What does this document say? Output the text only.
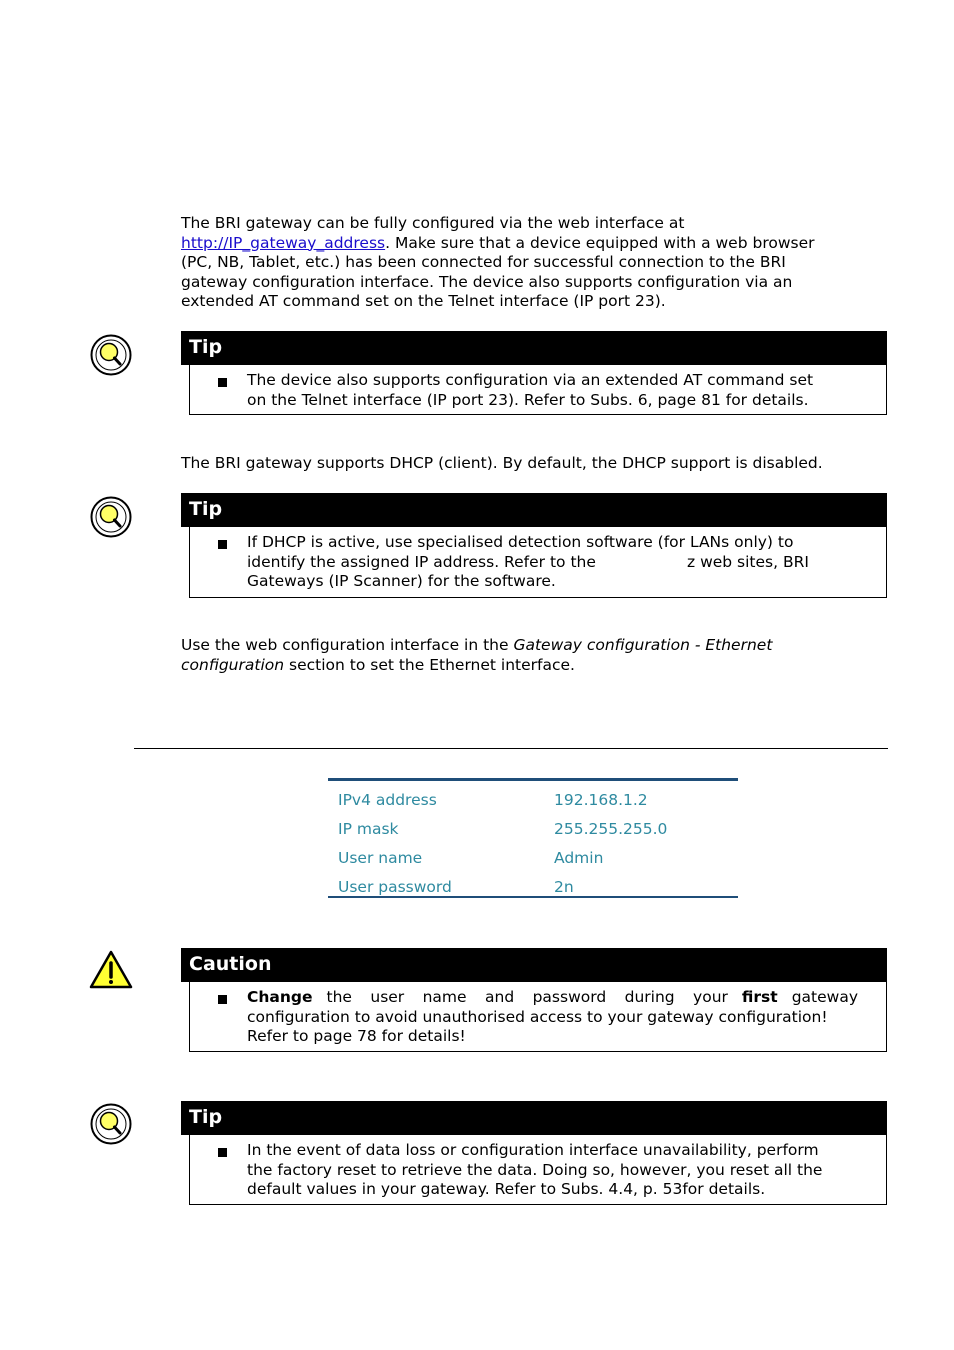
The BRI gateway can be fully configured via the web interface at
http://IP_gateway_address. Make sure that a device equipped with a web browser
(PC, NB, Tablet, etc.) has been connected for successful connection to the BRI
gateway configuration interface. The device also supports configuration via an
extended AT command set on the Telnet interface (IP port 23).
Tip
The device also supports configuration via an extended AT command set
on the Telnet interface (IP port 23). Refer to Subs. 6, page 81 for details.
The BRI gateway supports DHCP (client). By default, the DHCP support is disabled.
Tip
If DHCP is active, use specialised detection software (for LANs only) to
identify the assigned IP address. Refer to the	z web sites, BRI
Gateways (IP Scanner) for the software.
Use the web configuration interface in the Gateway configuration - Ethernet
configuration section to set the Ethernet interface.
IPv4 address	192.168.1.2
IP mask	255.255.255.0
User name	Admin
User password	2n
Caution
Change the user name and password during your first gateway
configuration to avoid unauthorised access to your gateway configuration!
Refer to page 78 for details!
Tip
In the event of data loss or configuration interface unavailability, perform
the factory reset to retrieve the data. Doing so, however, you reset all the
default values in your gateway. Refer to Subs. 4.4, p. 53for details.
